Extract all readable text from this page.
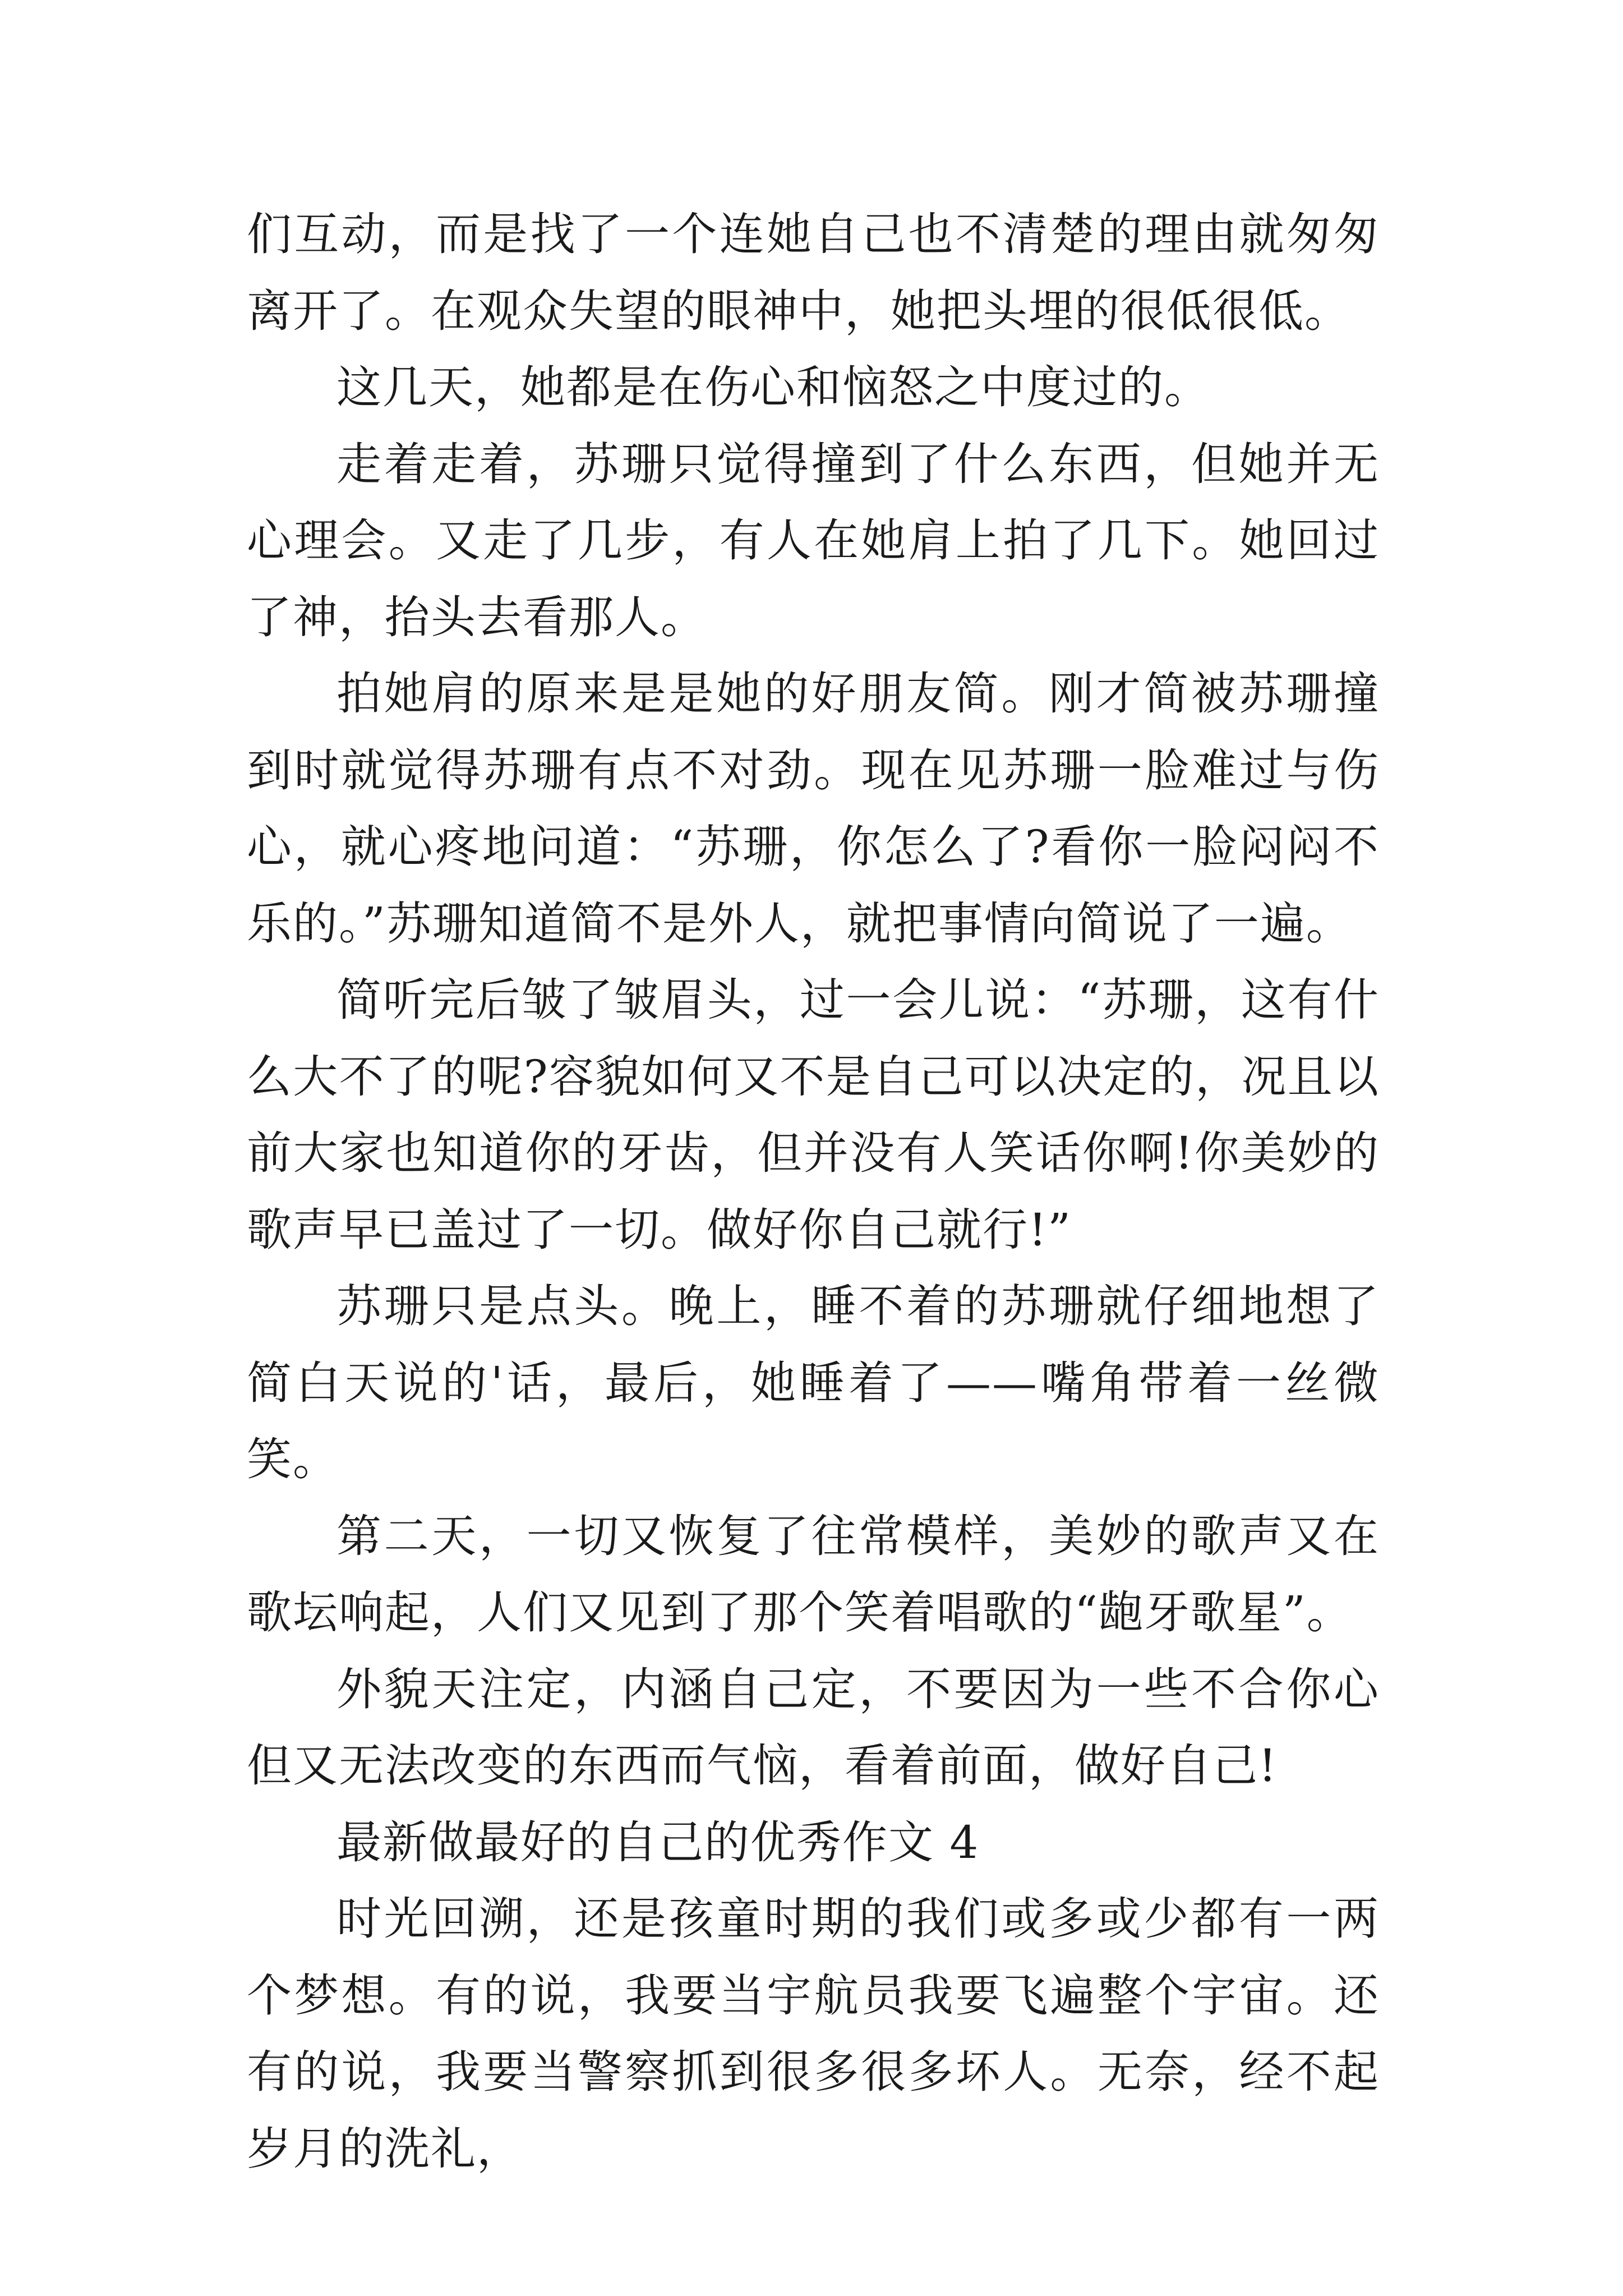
们互动，而是找了一个连她自己也不清楚的理由就匆匆离开了。在观众失望的眼神中，她把头埋的很低很低。

这几天，她都是在伤心和恼怒之中度过的。

走着走着，苏珊只觉得撞到了什么东西，但她并无心理会。又走了几步，有人在她肩上拍了几下。她回过了神，抬头去看那人。

拍她肩的原来是是她的好朋友简。刚才简被苏珊撞到时就觉得苏珊有点不对劲。现在见苏珊一脸难过与伤心，就心疼地问道：“苏珊，你怎么了?看你一脸闷闷不乐的。”苏珊知道简不是外人，就把事情向简说了一遍。

简听完后皱了皱眉头，过一会儿说：“苏珊，这有什么大不了的呢?容貌如何又不是自己可以决定的，况且以前大家也知道你的牙齿，但并没有人笑话你啊!你美妙的歌声早已盖过了一切。做好你自己就行!”

苏珊只是点头。晚上，睡不着的苏珊就仔细地想了简白天说的'话，最后，她睡着了——嘴角带着一丝微笑。

第二天，一切又恢复了往常模样，美妙的歌声又在歌坛响起，人们又见到了那个笑着唱歌的“龅牙歌星”。

外貌天注定，内涵自己定，不要因为一些不合你心但又无法改变的东西而气恼，看着前面，做好自己!

最新做最好的自己的优秀作文 4

时光回溯，还是孩童时期的我们或多或少都有一两个梦想。有的说，我要当宇航员我要飞遍整个宇宙。还有的说，我要当警察抓到很多很多坏人。无奈，经不起岁月的洗礼，
